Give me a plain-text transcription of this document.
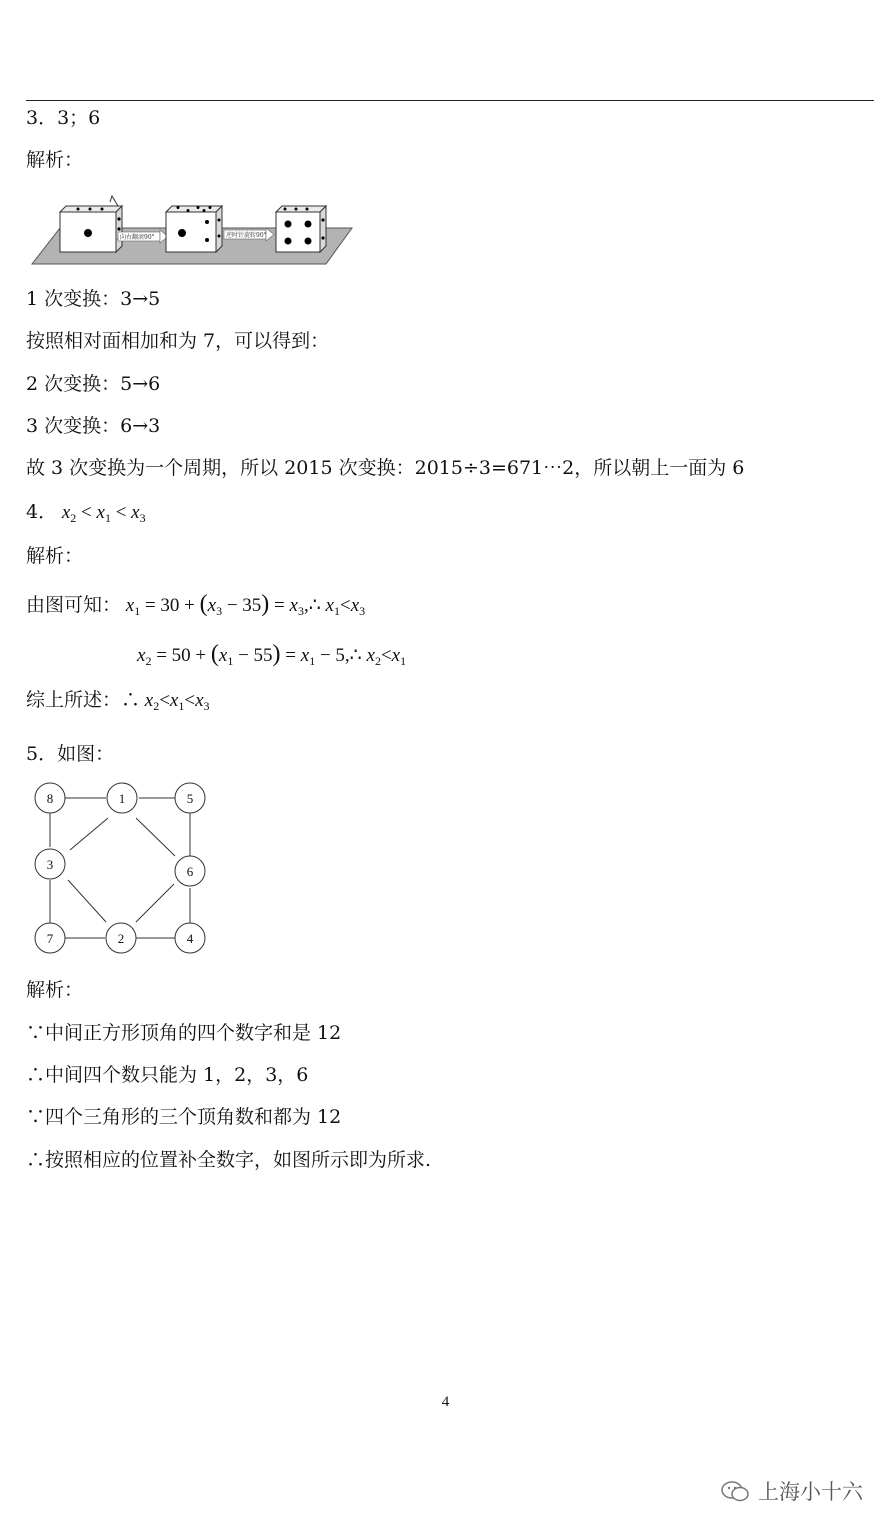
3．3；6
解析：
向右翻滚90°	逆时针旋转90°
1 次变换：3→5
按照相对面相加和为 7，可以得到：
2 次变换：5→6
3 次变换：6→3
故 3 次变换为一个周期，所以 2015 次变换：2015÷3=671⋯2，所以朝上一面为 6
4． $x_2 < x_1 < x_3$
解析：
由图可知： $x_1 = 30 + (x_3 - 35)$ = $x_3,\therefore$ $x_1<x_3$
$x_2 = 50 + (x_1 - 55) = x_1$ − 5,∴ $x_2<x_1$
综上所述：∴ $x_2<x_1<x_3$
5．如图：
8	1	5
3	6
7	2	4
解析：
∵中间正方形顶角的四个数字和是 12
∴中间四个数只能为 1，2，3，6
∵四个三角形的三个顶角数和都为 12
∴按照相应的位置补全数字，如图所示即为所求.
4
上海小十六
